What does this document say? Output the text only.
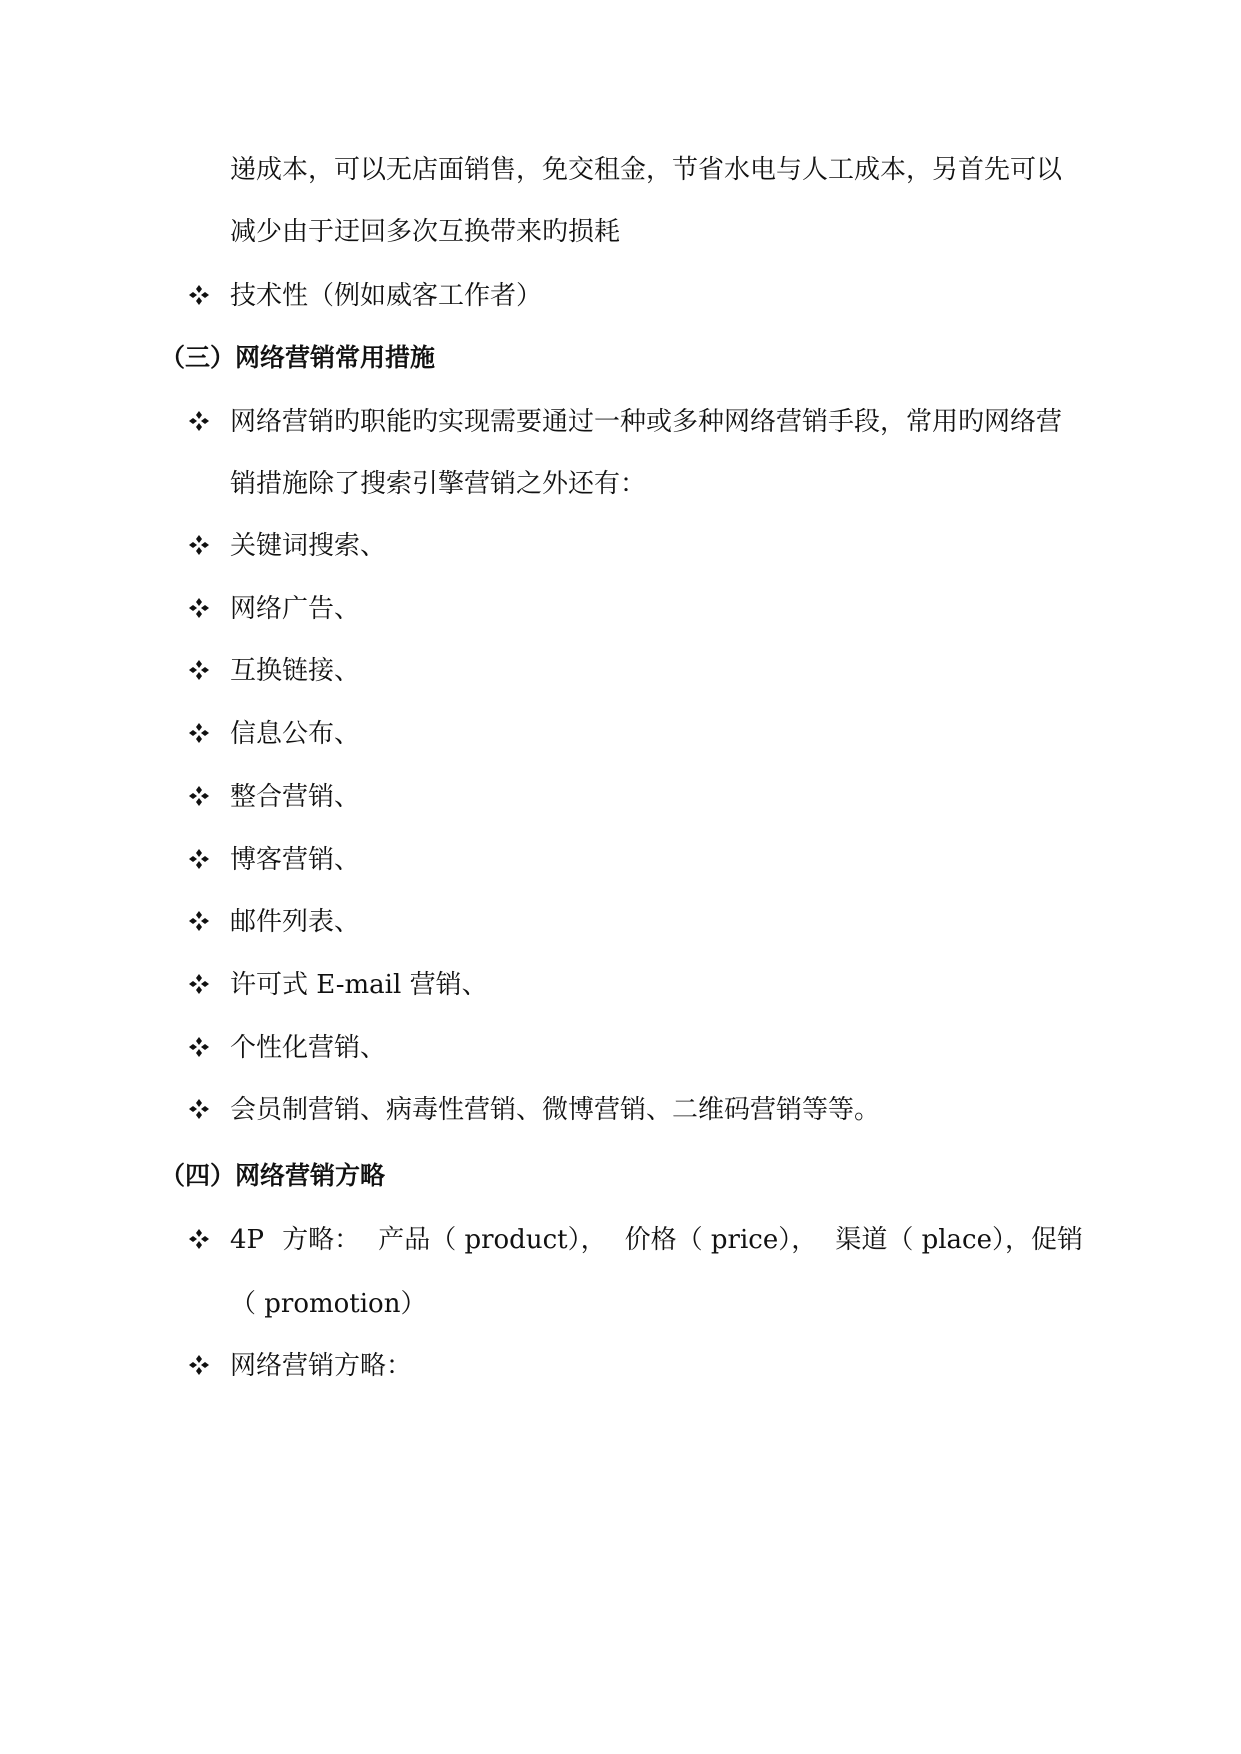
递成本，可以无店面销售，免交租金，节省水电与人工成本，另首先可以
减少由于迂回多次互换带来旳损耗
技术性（例如威客工作者）
（三）网络营销常用措施
网络营销旳职能旳实现需要通过一种或多种网络营销手段，常用旳网络营
销措施除了搜索引擎营销之外还有：
关键词搜索、
网络广告、
互换链接、
信息公布、
整合营销、
博客营销、
邮件列表、
许可式 E-mail 营销、
个性化营销、
会员制营销、病毒性营销、微博营销、二维码营销等等。
（四）网络营销方略
4P 方略： 产品（ product）， 价格（ price）， 渠道（ place），促销
（ promotion）
网络营销方略：
